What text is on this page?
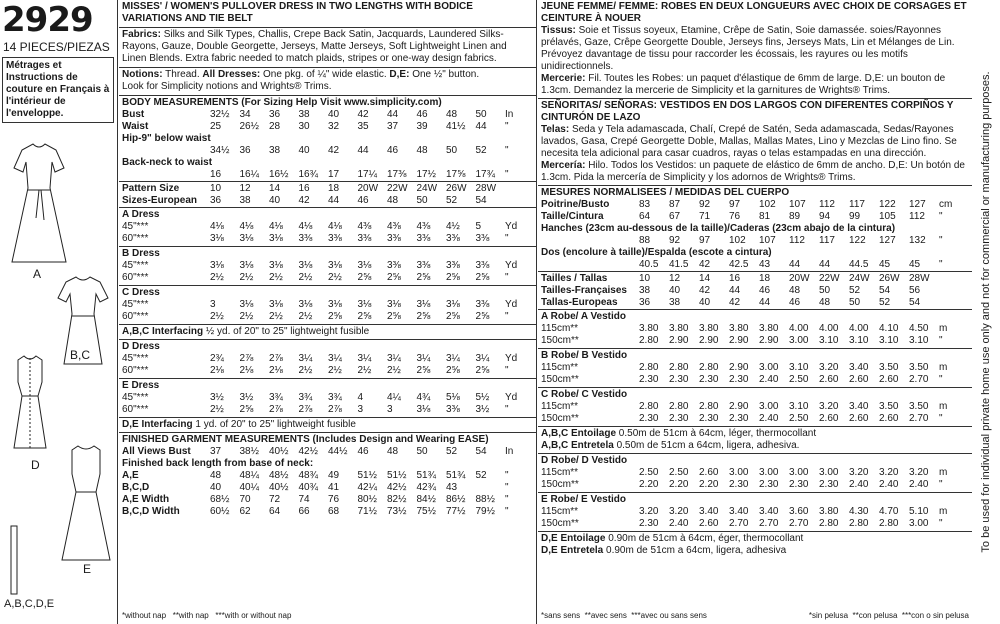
2929
14 PIECES/PIEZAS
Métrages et Instructions de couture en Français à l'intérieur de l'enveloppe.
A
B,C
D
E
A,B,C,D,E

MISSES' / WOMEN'S PULLOVER DRESS IN TWO LENGTHS WITH BODICE VARIATIONS AND TIE BELT

Fabrics: Silks and Silk Types, Challis, Crepe Back Satin, Jacquards, Laundered Silks-Rayons, Gauze, Double Georgette, Jerseys, Matte Jerseys, Soft Lightweight Linen and Linen Blends. Extra fabric needed to match plaids, stripes or one-way design fabrics.

Notions: Thread. All Dresses: One pkg. of ¼" wide elastic. D,E: One ½" button.

Look for Simplicity notions and Wrights® Trims.

BODY MEASUREMENTS (For Sizing Help Visit www.simplicity.com)

Bust	32½	34	36	38	40	42	44	46	48	50	In
Waist	25	26½	28	30	32	35	37	39	41½	44	"
Hip-9" below waist
34½	36	38	40	42	44	46	48	50	52	"
Back-neck to waist
16	16¼	16½	16¾	17	17¼	17⅜	17½	17⅝	17¾	"
Pattern Size	10	12	14	16	18	20W 22W 24W 26W 28W
Sizes-European	36	38	40	42	44	46	48	50	52	54
A Dress
45"***	4⅛	4⅛	4⅛	4⅛	4⅛	4⅜	4⅜	4⅜	4½	5	Yd
60"***	3⅛	3⅛	3⅛	3⅜	3⅜	3⅜	3⅜	3⅜	3⅜	3⅜	"
B Dress
45"***	3⅛	3⅛	3⅛	3⅛	3⅛	3⅛	3⅜	3⅜	3⅜	3⅜	Yd
60"***	2½	2½	2½	2½	2½	2⅝	2⅝	2⅝	2⅝	2⅝	"
C Dress
45"***	3	3⅛	3⅛	3⅛	3⅛	3⅛	3⅛	3⅛	3⅛	3⅜	Yd
60"***	2½	2½	2½	2½	2⅝	2⅝	2⅝	2⅝	2⅝	2⅝	"

A,B,C Interfacing ½ yd. of 20" to 25" lightweight fusible

D Dress
45"***	2¾	2⅞	2⅞	3¼	3¼	3¼	3¼	3¼	3¼	3¼	Yd
60"***	2⅛	2⅛	2⅛	2½	2½	2½	2½	2⅝	2⅝	2⅝	"
E Dress
45"***	3½	3½	3¾	3¾	3¾	4	4¼	4¾	5⅛	5½	Yd
60"***	2½	2⅝	2⅞	2⅞	2⅞	3	3	3⅛	3⅜	3½	"

D,E Interfacing 1 yd. of 20" to 25" lightweight fusible

FINISHED GARMENT MEASUREMENTS (Includes Design and Wearing EASE)

All Views Bust	37	38½	40½	42½	44½	46	48	50	52	54	In
Finished back length from base of neck:
A,E	48	48¼	48½	48¾	49	51½	51½	51¾	51¾	52	"
B,C,D	40	40¼	40½	40¾	41	42¼	42½	42¾	43	"
A,E Width	68½	70	72	74	76	80½	82½	84½	86½	88½	"
B,C,D Width	60½	62	64	66	68	71½	73½	75½	77½	79½	"
*without nap **with nap ***with or without nap

JEUNE FEMME/ FEMME: ROBES EN DEUX LONGUEURS AVEC CHOIX DE CORSAGES ET CEINTURE À NOUER

Tissus: Soie et Tissus soyeux, Etamine, Crêpe de Satin, Soie damassée. soies/Rayonnes prélavés, Gaze, Crêpe Georgette Double, Jerseys fins, Jerseys Mats, Lin et Mélanges de Lin. Prévoyez davantage de tissu pour raccorder les écossais, les rayures ou les motifs unidirectionnels.

Mercerie: Fil. Toutes les Robes: un paquet d'élastique de 6mm de large. D,E: un bouton de 1.3cm. Demandez la mercerie de Simplicity et la garnitures de Wrights® Trims.

SEÑORITAS/ SEÑORAS: VESTIDOS EN DOS LARGOS CON DIFERENTES CORPIÑOS Y CINTURÓN DE LAZO

Telas: Seda y Tela adamascada, Chalí, Crepé de Satén, Seda adamascada, Sedas/Rayones lavados, Gasa, Crepé Georgette Doble, Mallas, Mallas Mates, Lino y Mezclas de Lino fino. Se necesita tela adicional para casar cuadros, rayas o telas estampadas en una dirección.

Mercería: Hilo. Todos los Vestidos: un paquete de elástico de 6mm de ancho. D,E: Un botón de 1.3cm. Pida la mercería de Simplicity y los adornos de Wrights® Trims.

MESURES NORMALISEES / MEDIDAS DEL CUERPO

Poitrine/Busto	83	87	92	97	102	107	112	117	122	127	cm
Taille/Cintura	64	67	71	76	81	89	94	99	105	112	"
Hanches (23cm au-dessous de la taille)/Caderas (23cm abajo de la cintura)
88	92	97	102	107	112	117	122	127	132	"
Dos (encolure à taille)/Espalda (escote a cintura)
40.5	41.5	42	42.5	43	44	44	44.5	45	45	"
Tailles / Tallas	10	12	14	16	18	20W 22W 24W 26W 28W
Tailles-Françaises	38	40	42	44	46	48	50	52	54	56
Tallas-Europeas	36	38	40	42	44	46	48	50	52	54
A Robe/ A Vestido
115cm**	3.80	3.80	3.80	3.80	3.80	4.00	4.00	4.00	4.10	4.50	m
150cm**	2.80	2.90	2.90	2.90	2.90	3.00	3.10	3.10	3.10	3.10	"
B Robe/ B Vestido
115cm**	2.80	2.80	2.80	2.90	3.00	3.10	3.20	3.40	3.50	3.50	m
150cm**	2.30	2.30	2.30	2.30	2.40	2.50	2.60	2.60	2.60	2.70	"
C Robe/ C Vestido
115cm**	2.80	2.80	2.80	2.90	3.00	3.10	3.20	3.40	3.50	3.50	m
150cm**	2.30	2.30	2.30	2.30	2.40	2.50	2.60	2.60	2.60	2.70	"

A,B,C Entoilage 0.50m de 51cm à 64cm, léger, thermocollant

A,B,C Entretela 0.50m de 51cm a 64cm, ligera, adhesiva.

D Robe/ D Vestido
115cm**	2.50	2.50	2.60	3.00	3.00	3.00	3.00	3.20	3.20	3.20	m
150cm**	2.20	2.20	2.20	2.30	2.30	2.30	2.30	2.40	2.40	2.40	"
E Robe/ E Vestido
115cm**	3.20	3.20	3.40	3.40	3.40	3.60	3.80	4.30	4.70	5.10	m
150cm**	2.30	2.40	2.60	2.70	2.70	2.70	2.80	2.80	2.80	3.00	"

D,E Entoilage 0.90m de 51cm à 64cm, éger, thermocollant

D,E Entretela 0.90m de 51cm a 64cm, ligera, adhesiva

*sans sens **avec sens ***avec ou sans sens	*sin pelusa **con pelusa ***con o sin pelusa
To be used for individual private home use only and not for commercial or manufacturing purposes.
